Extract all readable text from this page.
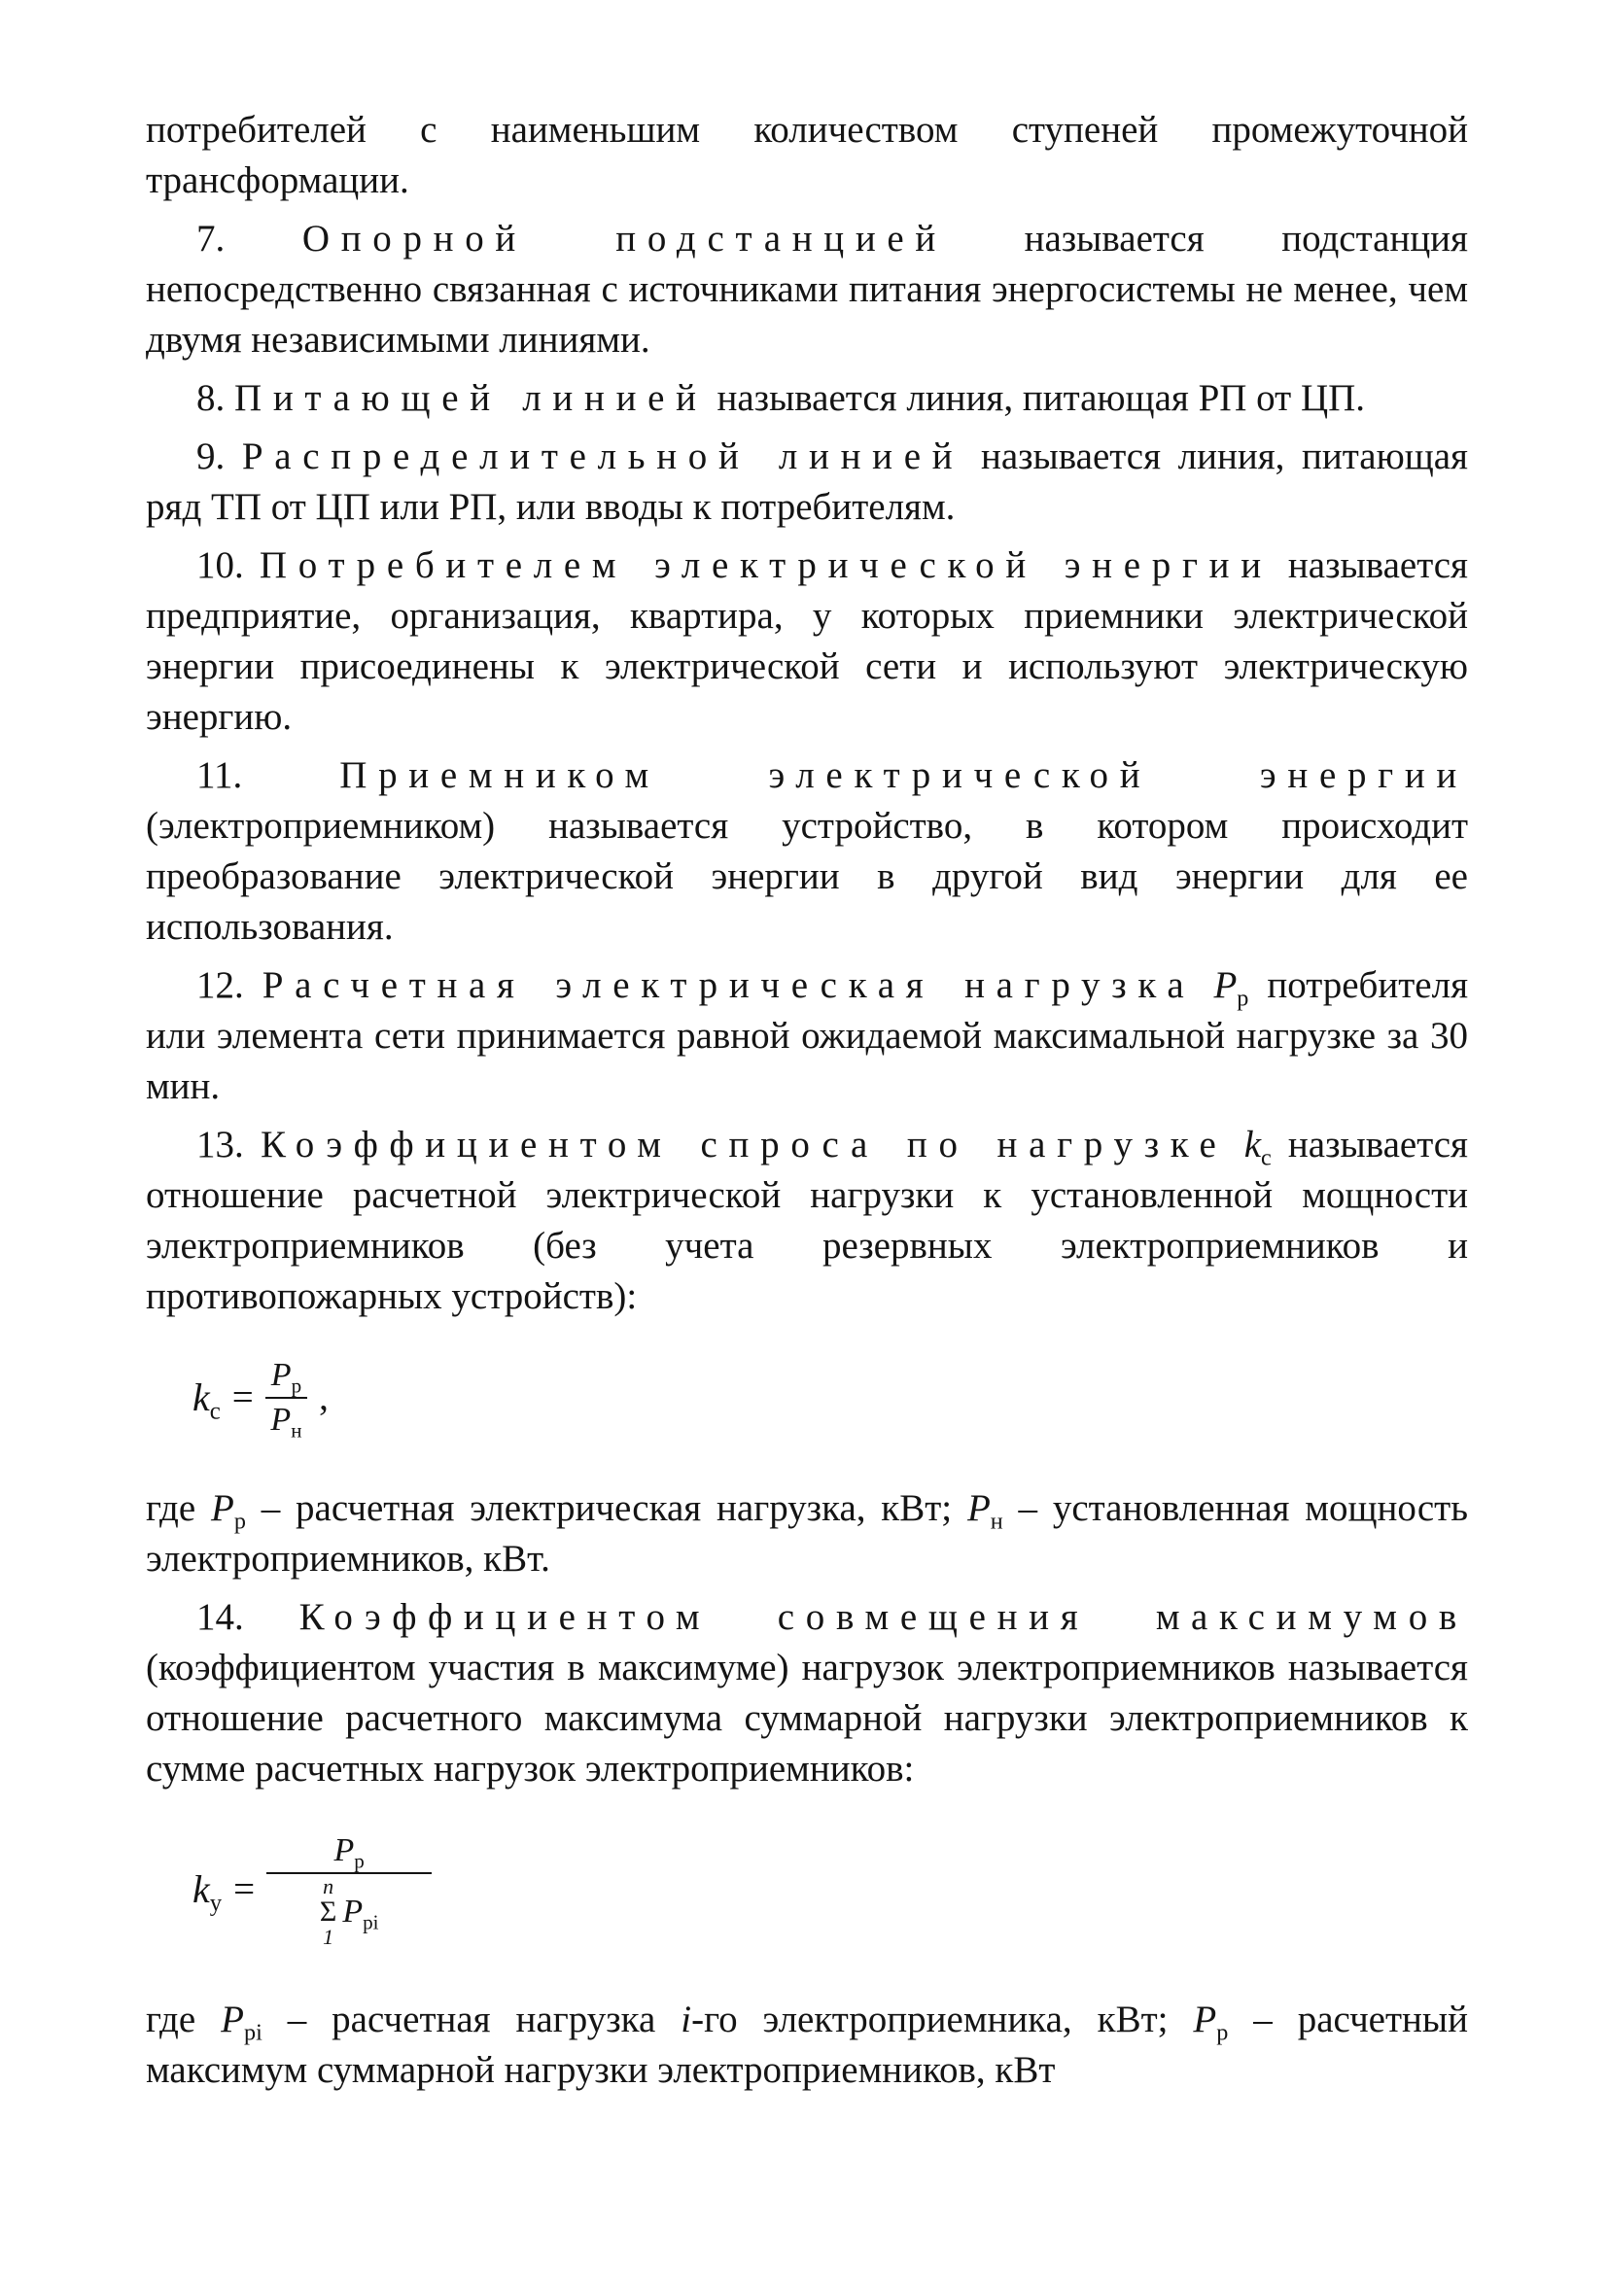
потребителей с наименьшим количеством ступеней промежуточной трансформации.

7. Опорной подстанцией называется подстанция непосредственно связанная с источниками питания энергосистемы не менее, чем двумя независимыми линиями.

8. Питающей линией называется линия, питающая РП от ЦП.

9. Распределительной линией называется линия, питающая ряд ТП от ЦП или РП, или вводы к потребителям.

10. Потребителем электрической энергии называется предприятие, организация, квартира, у которых приемники электрической энергии присоединены к электрической сети и используют электрическую энергию.

11. Приемником электрической энергии (электроприемником) называется устройство, в котором происходит преобразование электрической энергии в другой вид энергии для ее использования.

12. Расчетная электрическая нагрузка $P_р$ потребителя или элемента сети принимается равной ожидаемой максимальной нагрузке за 30 мин.

13. Коэффициентом спроса по нагрузке $k_с$ называется отношение расчетной электрической нагрузки к установленной мощности электроприемников (без учета резервных электроприемников и противопожарных устройств):

$k_с = \frac{P_р}{P_н}$ ,

где $P_р$ – расчетная электрическая нагрузка, кВт; $P_н$ – установленная мощность электроприемников, кВт.

14. Коэффициентом совмещения максимумов (коэффициентом участия в максимуме) нагрузок электроприемников называется отношение расчетного максимума суммарной нагрузки электроприемников к сумме расчетных нагрузок электроприемников:

$k_у = P_р$
n
Σ
1
$P_{рi}$

где $P_{рi}$ – расчетная нагрузка i-го электроприемника, кВт; $P_р$ – расчетный максимум суммарной нагрузки электроприемников, кВт
